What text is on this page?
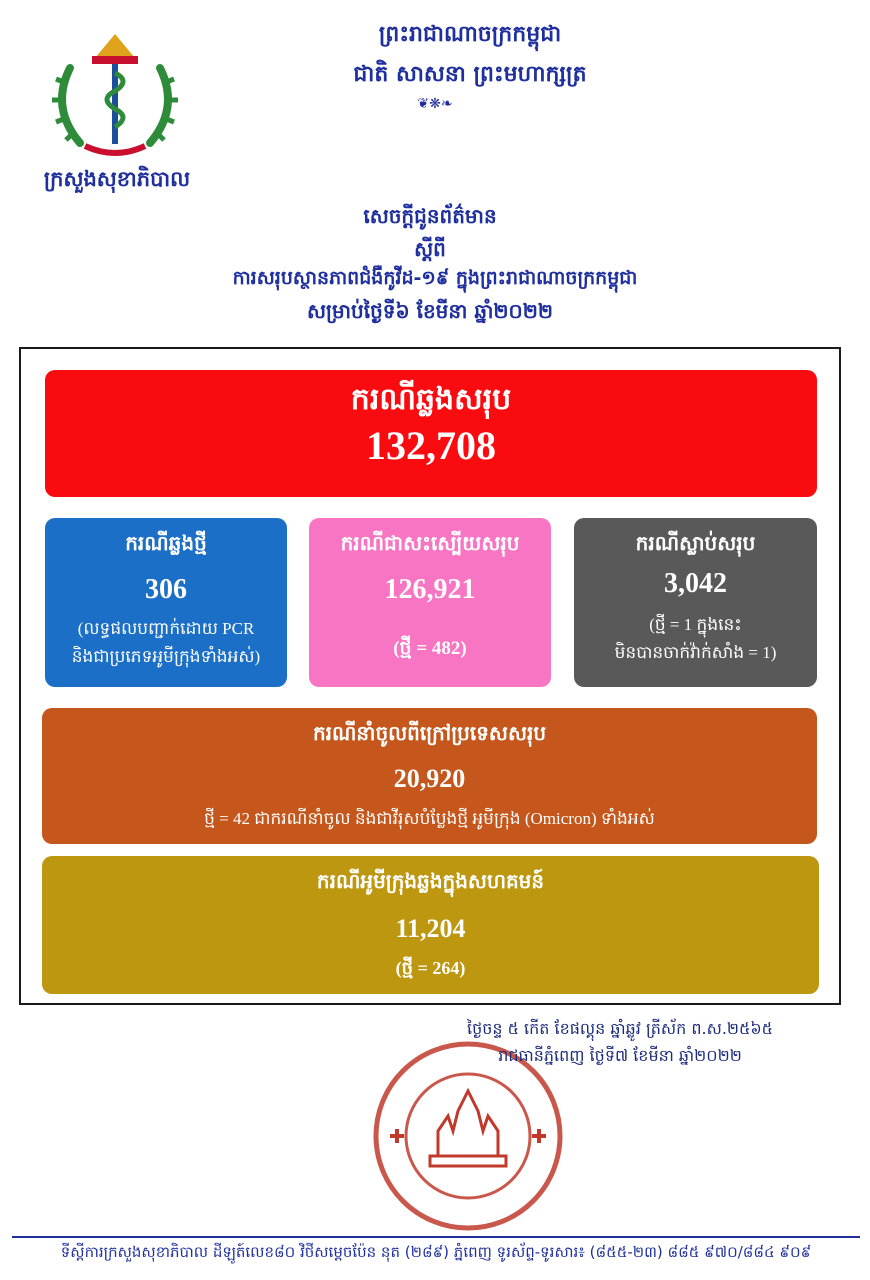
ក្រសួងសុខាភិបាល
ព្រះរាជាណាចក្រកម្ពុជា
ជាតិ សាសនា ព្រះមហាក្សត្រ
❦❋❧
សេចក្តីជូនព័ត៌មាន
ស្តីពី
ការសរុបស្ថានភាពជំងឺកូវីដ-១៩ ក្នុងព្រះរាជាណាចក្រកម្ពុជា
សម្រាប់ថ្ងៃទី៦ ខែមីនា ឆ្នាំ២០២២
ករណីឆ្លងសរុប
132,708
ករណីឆ្លងថ្មី
306
(លទ្ធផលបញ្ជាក់ដោយ PCR
និងជាប្រភេទអូមីក្រុងទាំងអស់)
ករណីជាសះស្បើយសរុប
126,921
(ថ្មី = 482)
ករណីស្លាប់សរុប
3,042
(ថ្មី = 1 ក្នុងនេះ
មិនបានចាក់វ៉ាក់សាំង = 1)
ករណីនាំចូលពីក្រៅប្រទេសសរុប
20,920
ថ្មី = 42 ជាករណីនាំចូល និងជាវីរុសបំប្លែងថ្មី អូមីក្រុង (Omicron) ទាំងអស់
ករណីអូមីក្រុងឆ្លងក្នុងសហគមន៍
11,204
(ថ្មី = 264)
ថ្ងៃចន្ទ ៥ កើត ខែផល្គុន ឆ្នាំឆ្លូវ ត្រីស័ក ព.ស.២៥៦៥
រាជធានីភ្នំពេញ ថ្ងៃទី៧ ខែមីនា ឆ្នាំ២០២២
ទីស្តីការក្រសួងសុខាភិបាល ដីឡូត៍លេខ៨០ វិថីសម្តេចប៉ែន នុត (២៨៩) ភ្នំពេញ ទូរស័ព្ទ-ទូរសារ៖ (៨៥៥-២៣) ៨៨៥ ៩៧០/៨៨៤ ៩០៩
